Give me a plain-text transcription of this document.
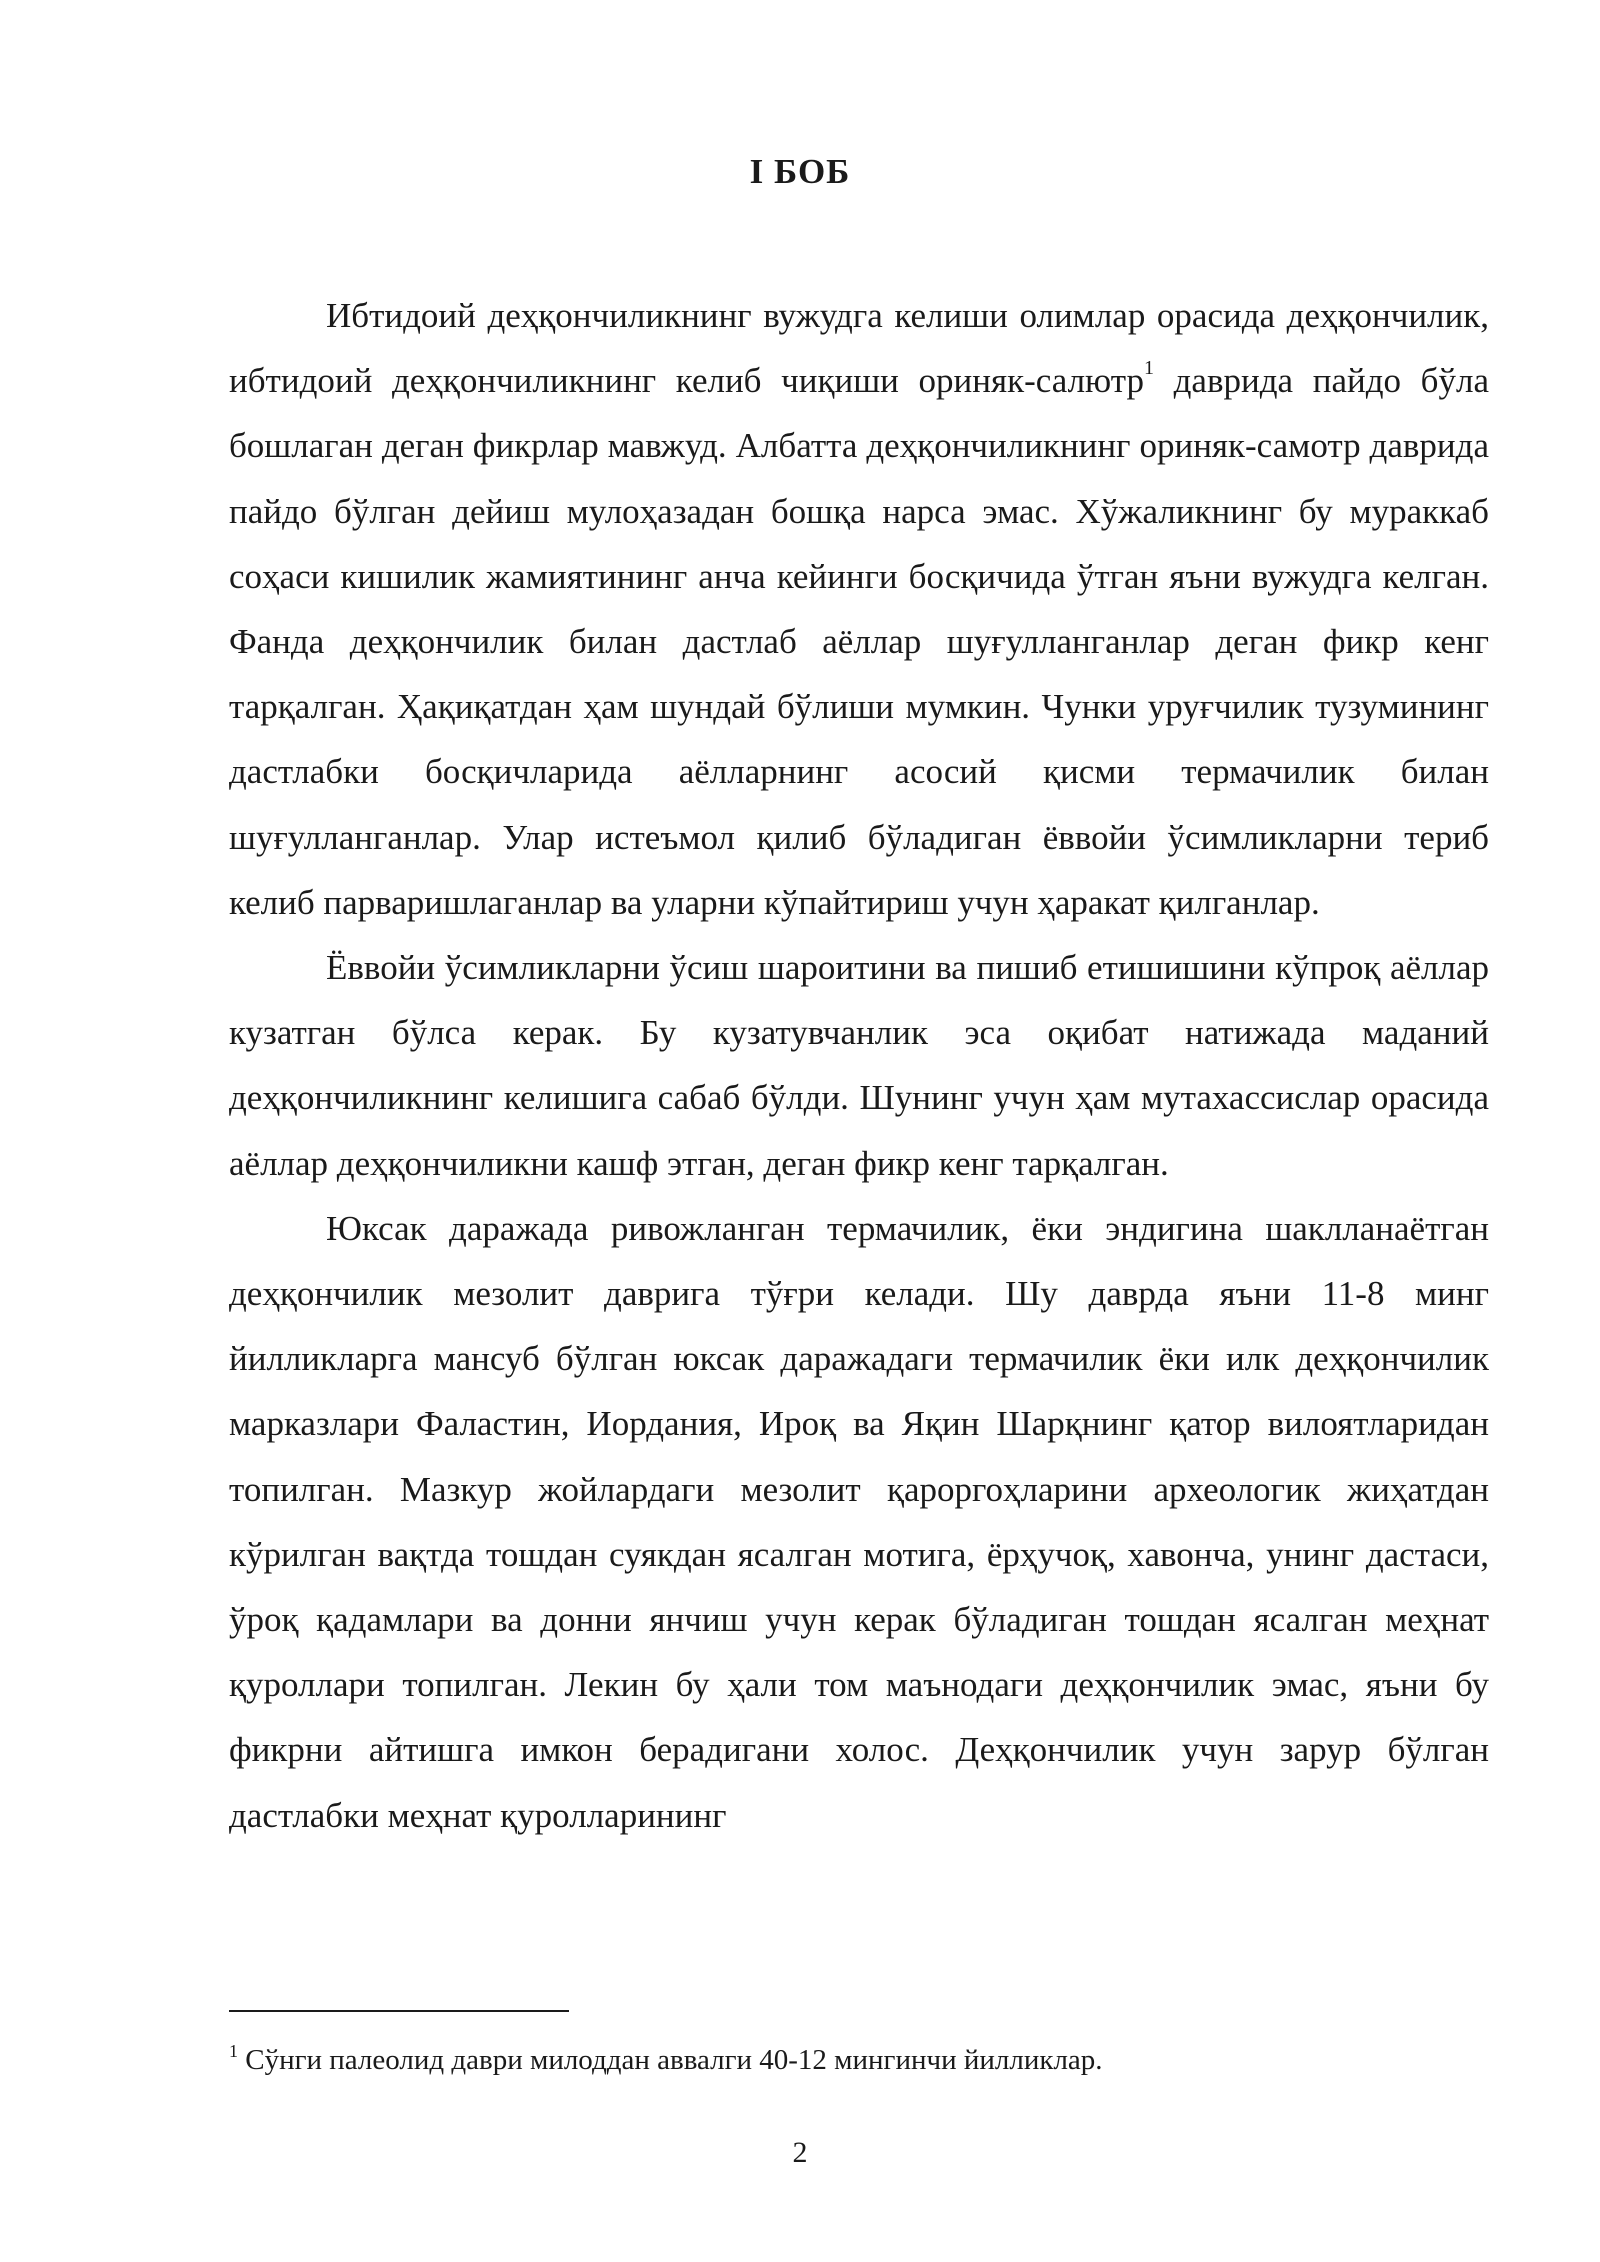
I БОБ

Ибтидоий деҳқончиликнинг вужудга келиши олимлар орасида деҳқончилик, ибтидоий деҳқончиликнинг келиб чиқиши ориняк-салютр$^1$ даврида пайдо бўла бошлаган деган фикрлар мавжуд. Албатта деҳқончиликнинг ориняк-самотр даврида пайдо бўлган дейиш мулоҳазадан бошқа нарса эмас. Хўжаликнинг бу мураккаб соҳаси кишилик жамиятининг анча кейинги босқичида ўтган яъни вужудга келган. Фанда деҳқончилик билан дастлаб аёллар шуғулланганлар деган фикр кенг тарқалган. Ҳақиқатдан ҳам шундай бўлиши мумкин. Чунки уруғчилик тузумининг дастлабки босқичларида аёлларнинг асосий қисми термачилик билан шуғулланганлар. Улар истеъмол қилиб бўладиган ёввойи ўсимликларни териб келиб парваришлаганлар ва уларни кўпайтириш учун ҳаракат қилганлар.

Ёввойи ўсимликларни ўсиш шароитини ва пишиб етишишини кўпроқ аёллар кузатган бўлса керак. Бу кузатувчанлик эса оқибат натижада маданий деҳқончиликнинг келишига сабаб бўлди. Шунинг учун ҳам мутахассислар орасида аёллар деҳқончиликни кашф этган, деган фикр кенг тарқалган.

Юксак даражада ривожланган термачилик, ёки эндигина шаклланаётган деҳқончилик мезолит даврига тўғри келади. Шу даврда яъни 11-8 минг йилликларга мансуб бўлган юксак даражадаги термачилик ёки илк деҳқончилик марказлари Фаластин, Иордания, Ироқ ва Яқин Шарқнинг қатор вилоятларидан топилган. Мазкур жойлардаги мезолит қароргоҳларини археологик жиҳатдан кўрилган вақтда тошдан суякдан ясалган мотига, ёрҳучоқ, хавонча, унинг дастаси, ўроқ қадамлари ва донни янчиш учун керак бўладиган тошдан ясалган меҳнат қуроллари топилган. Лекин бу ҳали том маънодаги деҳқончилик эмас, яъни бу фикрни айтишга имкон берадигани холос. Деҳқончилик учун зарур бўлган дастлабки меҳнат қуролларининг

$^1$ Сўнги палеолид даври милоддан аввалги 40-12 мингинчи йилликлар.
2
